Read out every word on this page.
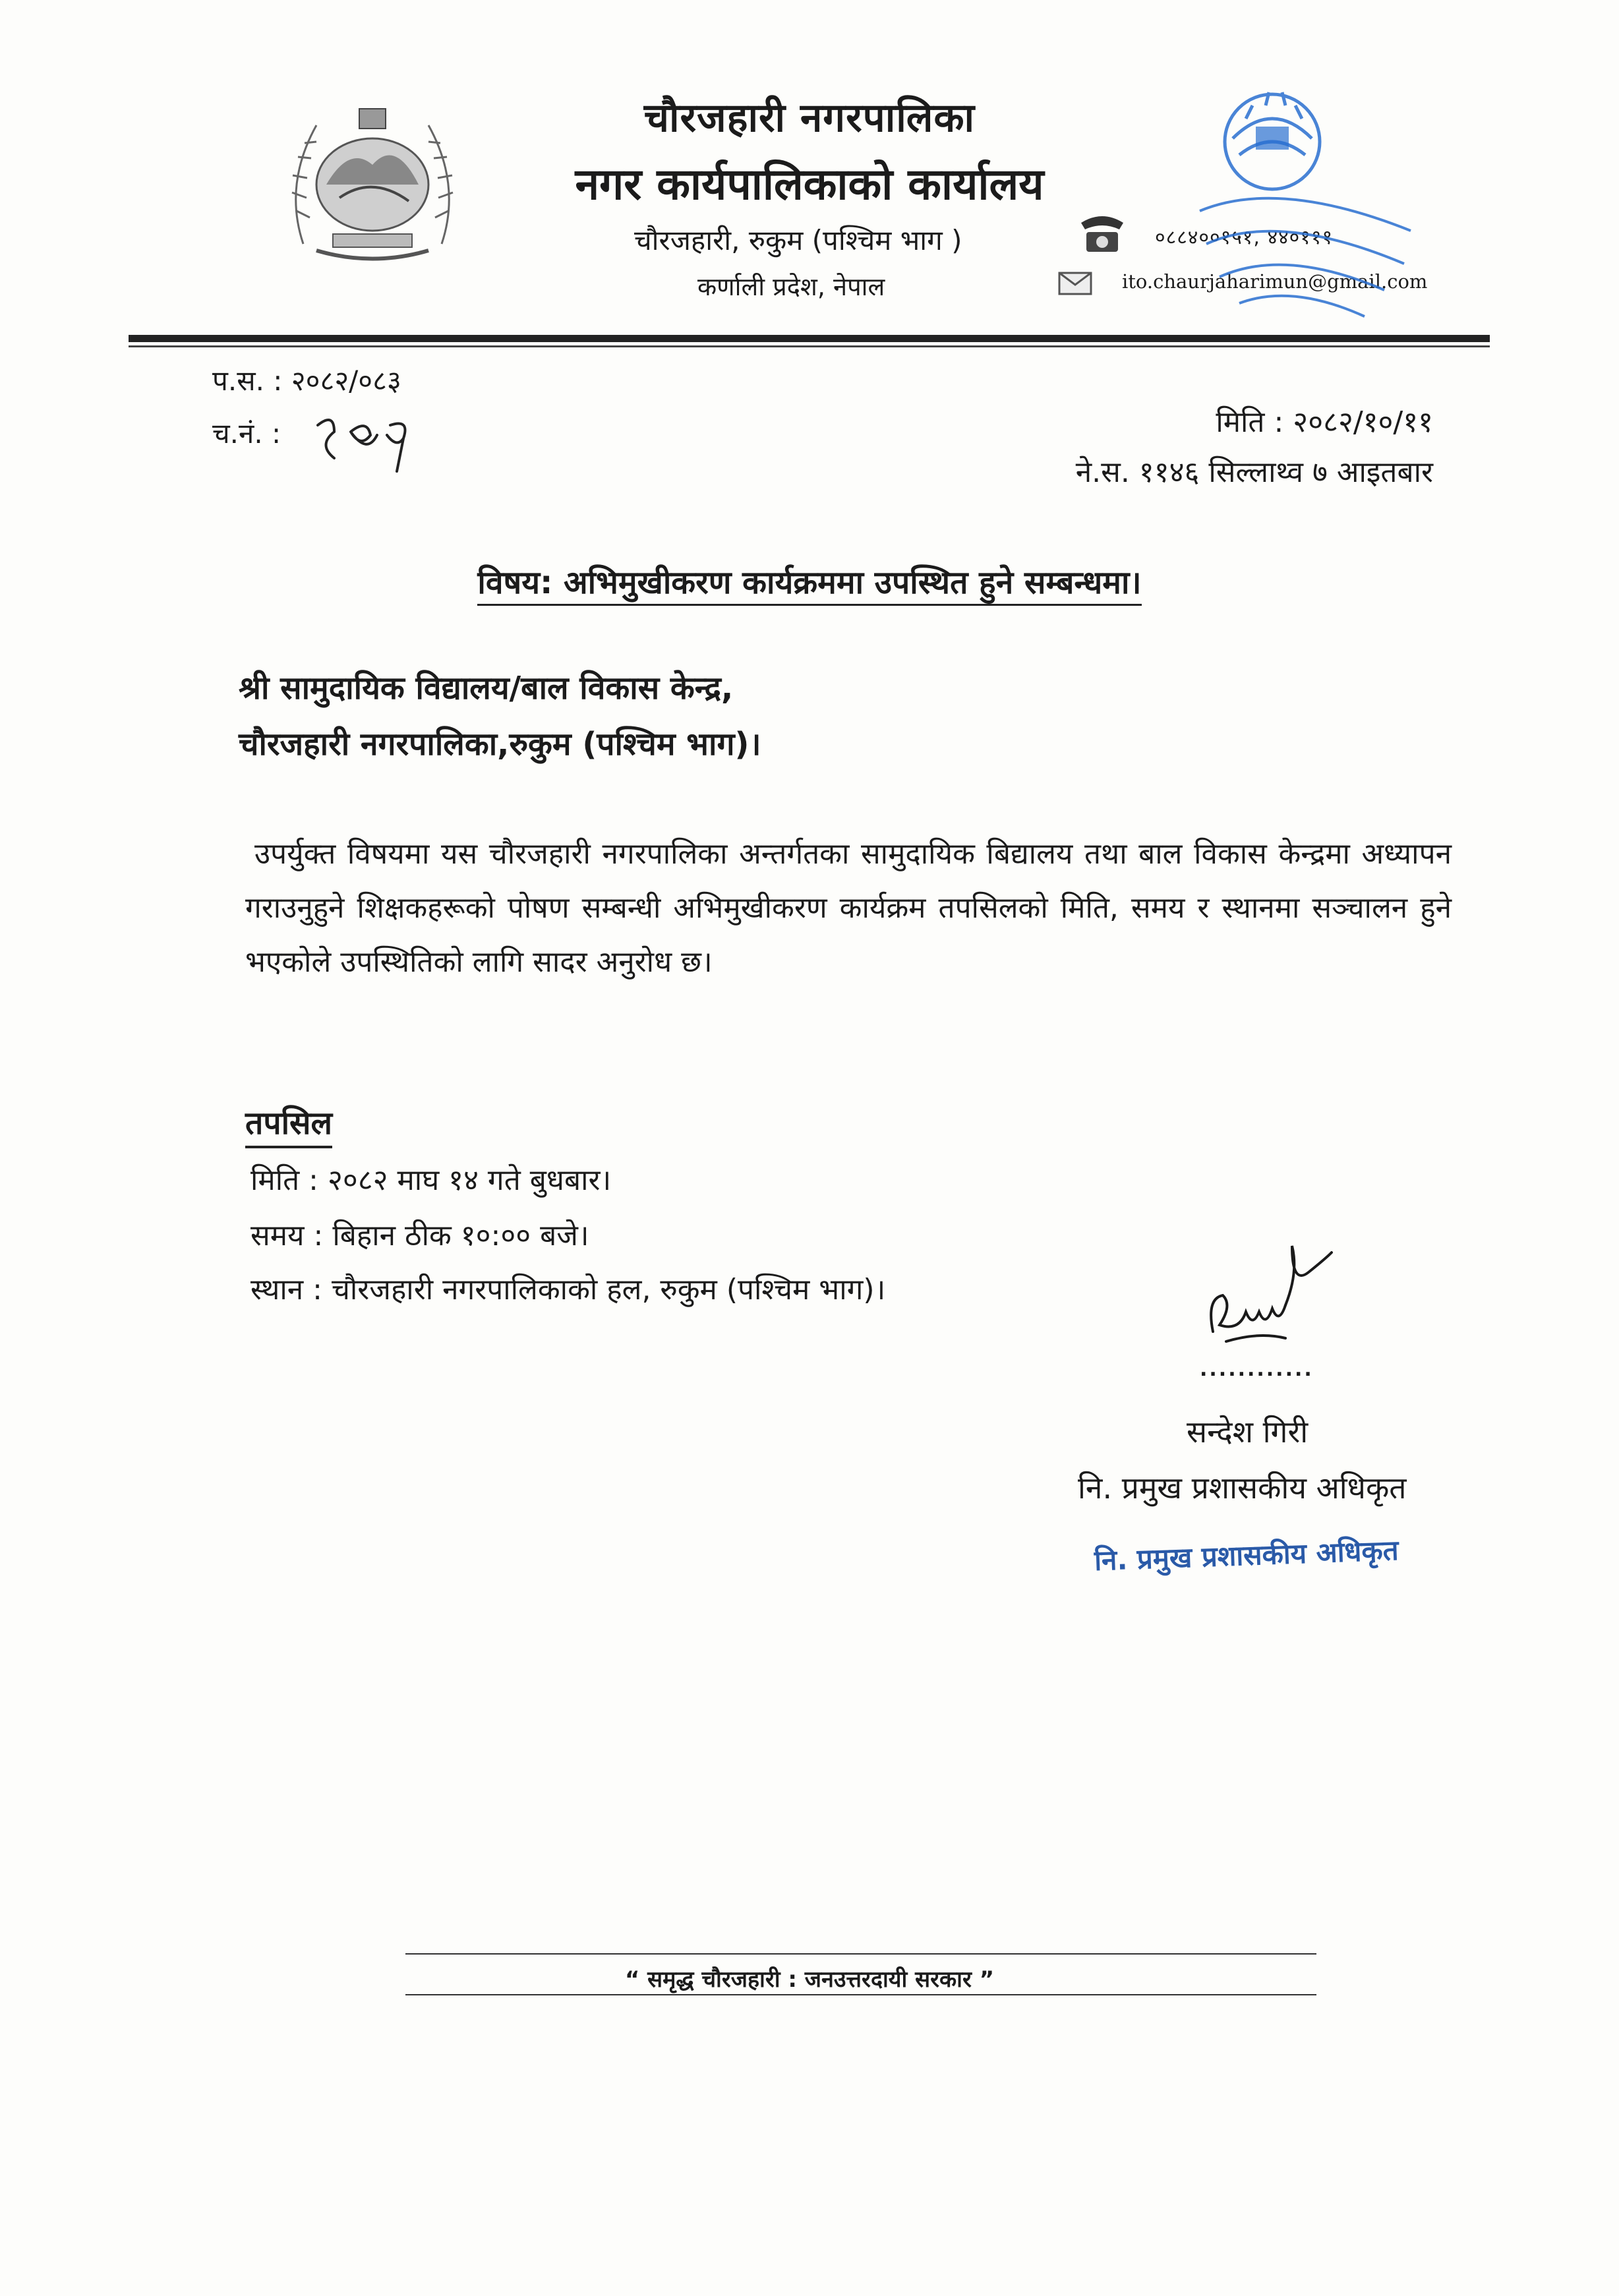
चौरजहारी नगरपालिका
नगर कार्यपालिकाको कार्यालय
चौरजहारी, रुकुम (पश्चिम भाग )
कर्णाली प्रदेश, नेपाल
०८८४००१५१, ४४०१११
ito.chaurjaharimun@gmail.com
प.स. : २०८२/०८३
च.नं. :	मिति : २०८२/१०/११
ने.स. ११४६ सिल्लाथ्व ७ आइतबार
विषय: अभिमुखीकरण कार्यक्रममा उपस्थित हुने सम्बन्धमा।
श्री सामुदायिक विद्यालय/बाल विकास केन्द्र,
चौरजहारी नगरपालिका,रुकुम (पश्चिम भाग)।
उपर्युक्त विषयमा यस चौरजहारी नगरपालिका अन्तर्गतका सामुदायिक बिद्यालय तथा बाल विकास केन्द्रमा अध्यापन गराउनुहुने शिक्षकहरूको पोषण सम्बन्धी अभिमुखीकरण कार्यक्रम तपसिलको मिति, समय र स्थानमा सञ्चालन हुने भएकोले उपस्थितिको लागि सादर अनुरोध छ।
तपसिल
मिति : २०८२ माघ १४ गते बुधबार।
समय : बिहान ठीक १०:०० बजे।
स्थान : चौरजहारी नगरपालिकाको हल, रुकुम (पश्चिम भाग)।
............
सन्देश गिरी
नि. प्रमुख प्रशासकीय अधिकृत
नि. प्रमुख प्रशासकीय अधिकृत
“ समृद्ध चौरजहारी : जनउत्तरदायी सरकार ”
